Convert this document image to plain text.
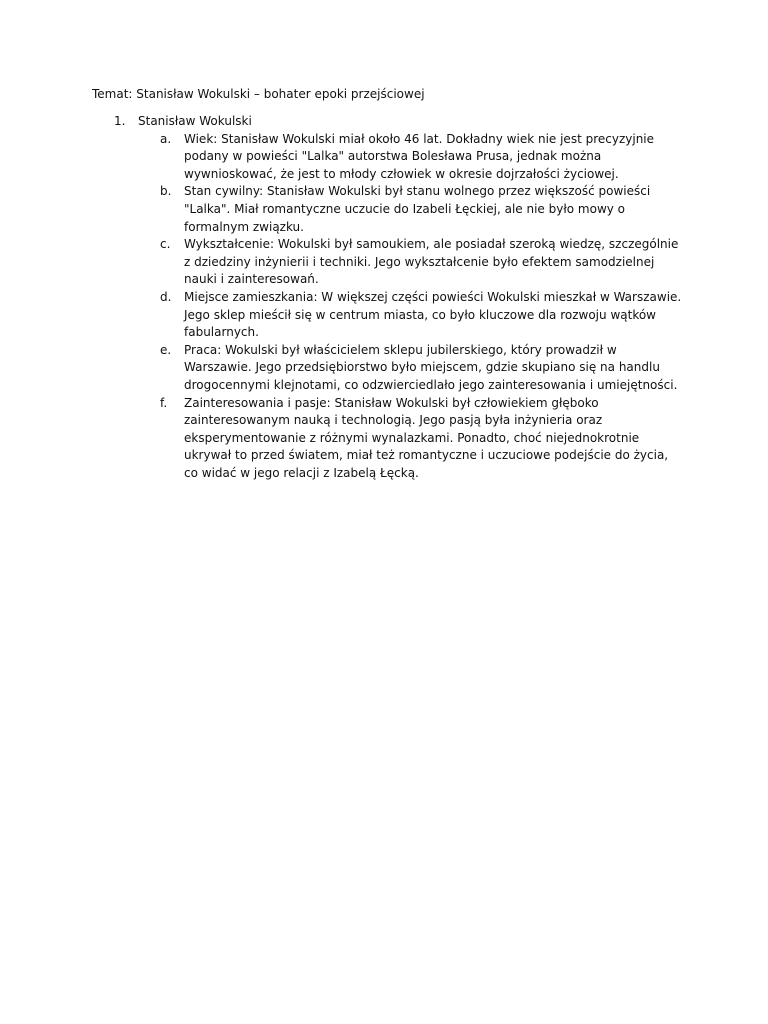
Temat: Stanisław Wokulski – bohater epoki przejściowej
1. Stanisław Wokulski
a. Wiek: Stanisław Wokulski miał około 46 lat. Dokładny wiek nie jest precyzyjnie podany w powieści "Lalka" autorstwa Bolesława Prusa, jednak można wywnioskować, że jest to młody człowiek w okresie dojrzałości życiowej.
b. Stan cywilny: Stanisław Wokulski był stanu wolnego przez większość powieści "Lalka". Miał romantyczne uczucie do Izabeli Łęckiej, ale nie było mowy o formalnym związku.
c. Wykształcenie: Wokulski był samoukiem, ale posiadał szeroką wiedzę, szczególnie z dziedziny inżynierii i techniki. Jego wykształcenie było efektem samodzielnej nauki i zainteresowań.
d. Miejsce zamieszkania: W większej części powieści Wokulski mieszkał w Warszawie. Jego sklep mieścił się w centrum miasta, co było kluczowe dla rozwoju wątków fabularnych.
e. Praca: Wokulski był właścicielem sklepu jubilerskiego, który prowadził w Warszawie. Jego przedsiębiorstwo było miejscem, gdzie skupiano się na handlu drogocennymi klejnotami, co odzwierciedlało jego zainteresowania i umiejętności.
f. Zainteresowania i pasje: Stanisław Wokulski był człowiekiem głęboko zainteresowanym nauką i technologią. Jego pasją była inżynieria oraz eksperymentowanie z różnymi wynalazkami. Ponadto, choć niejednokrotnie ukrywał to przed światem, miał też romantyczne i uczuciowe podejście do życia, co widać w jego relacji z Izabelą Łęcką.
